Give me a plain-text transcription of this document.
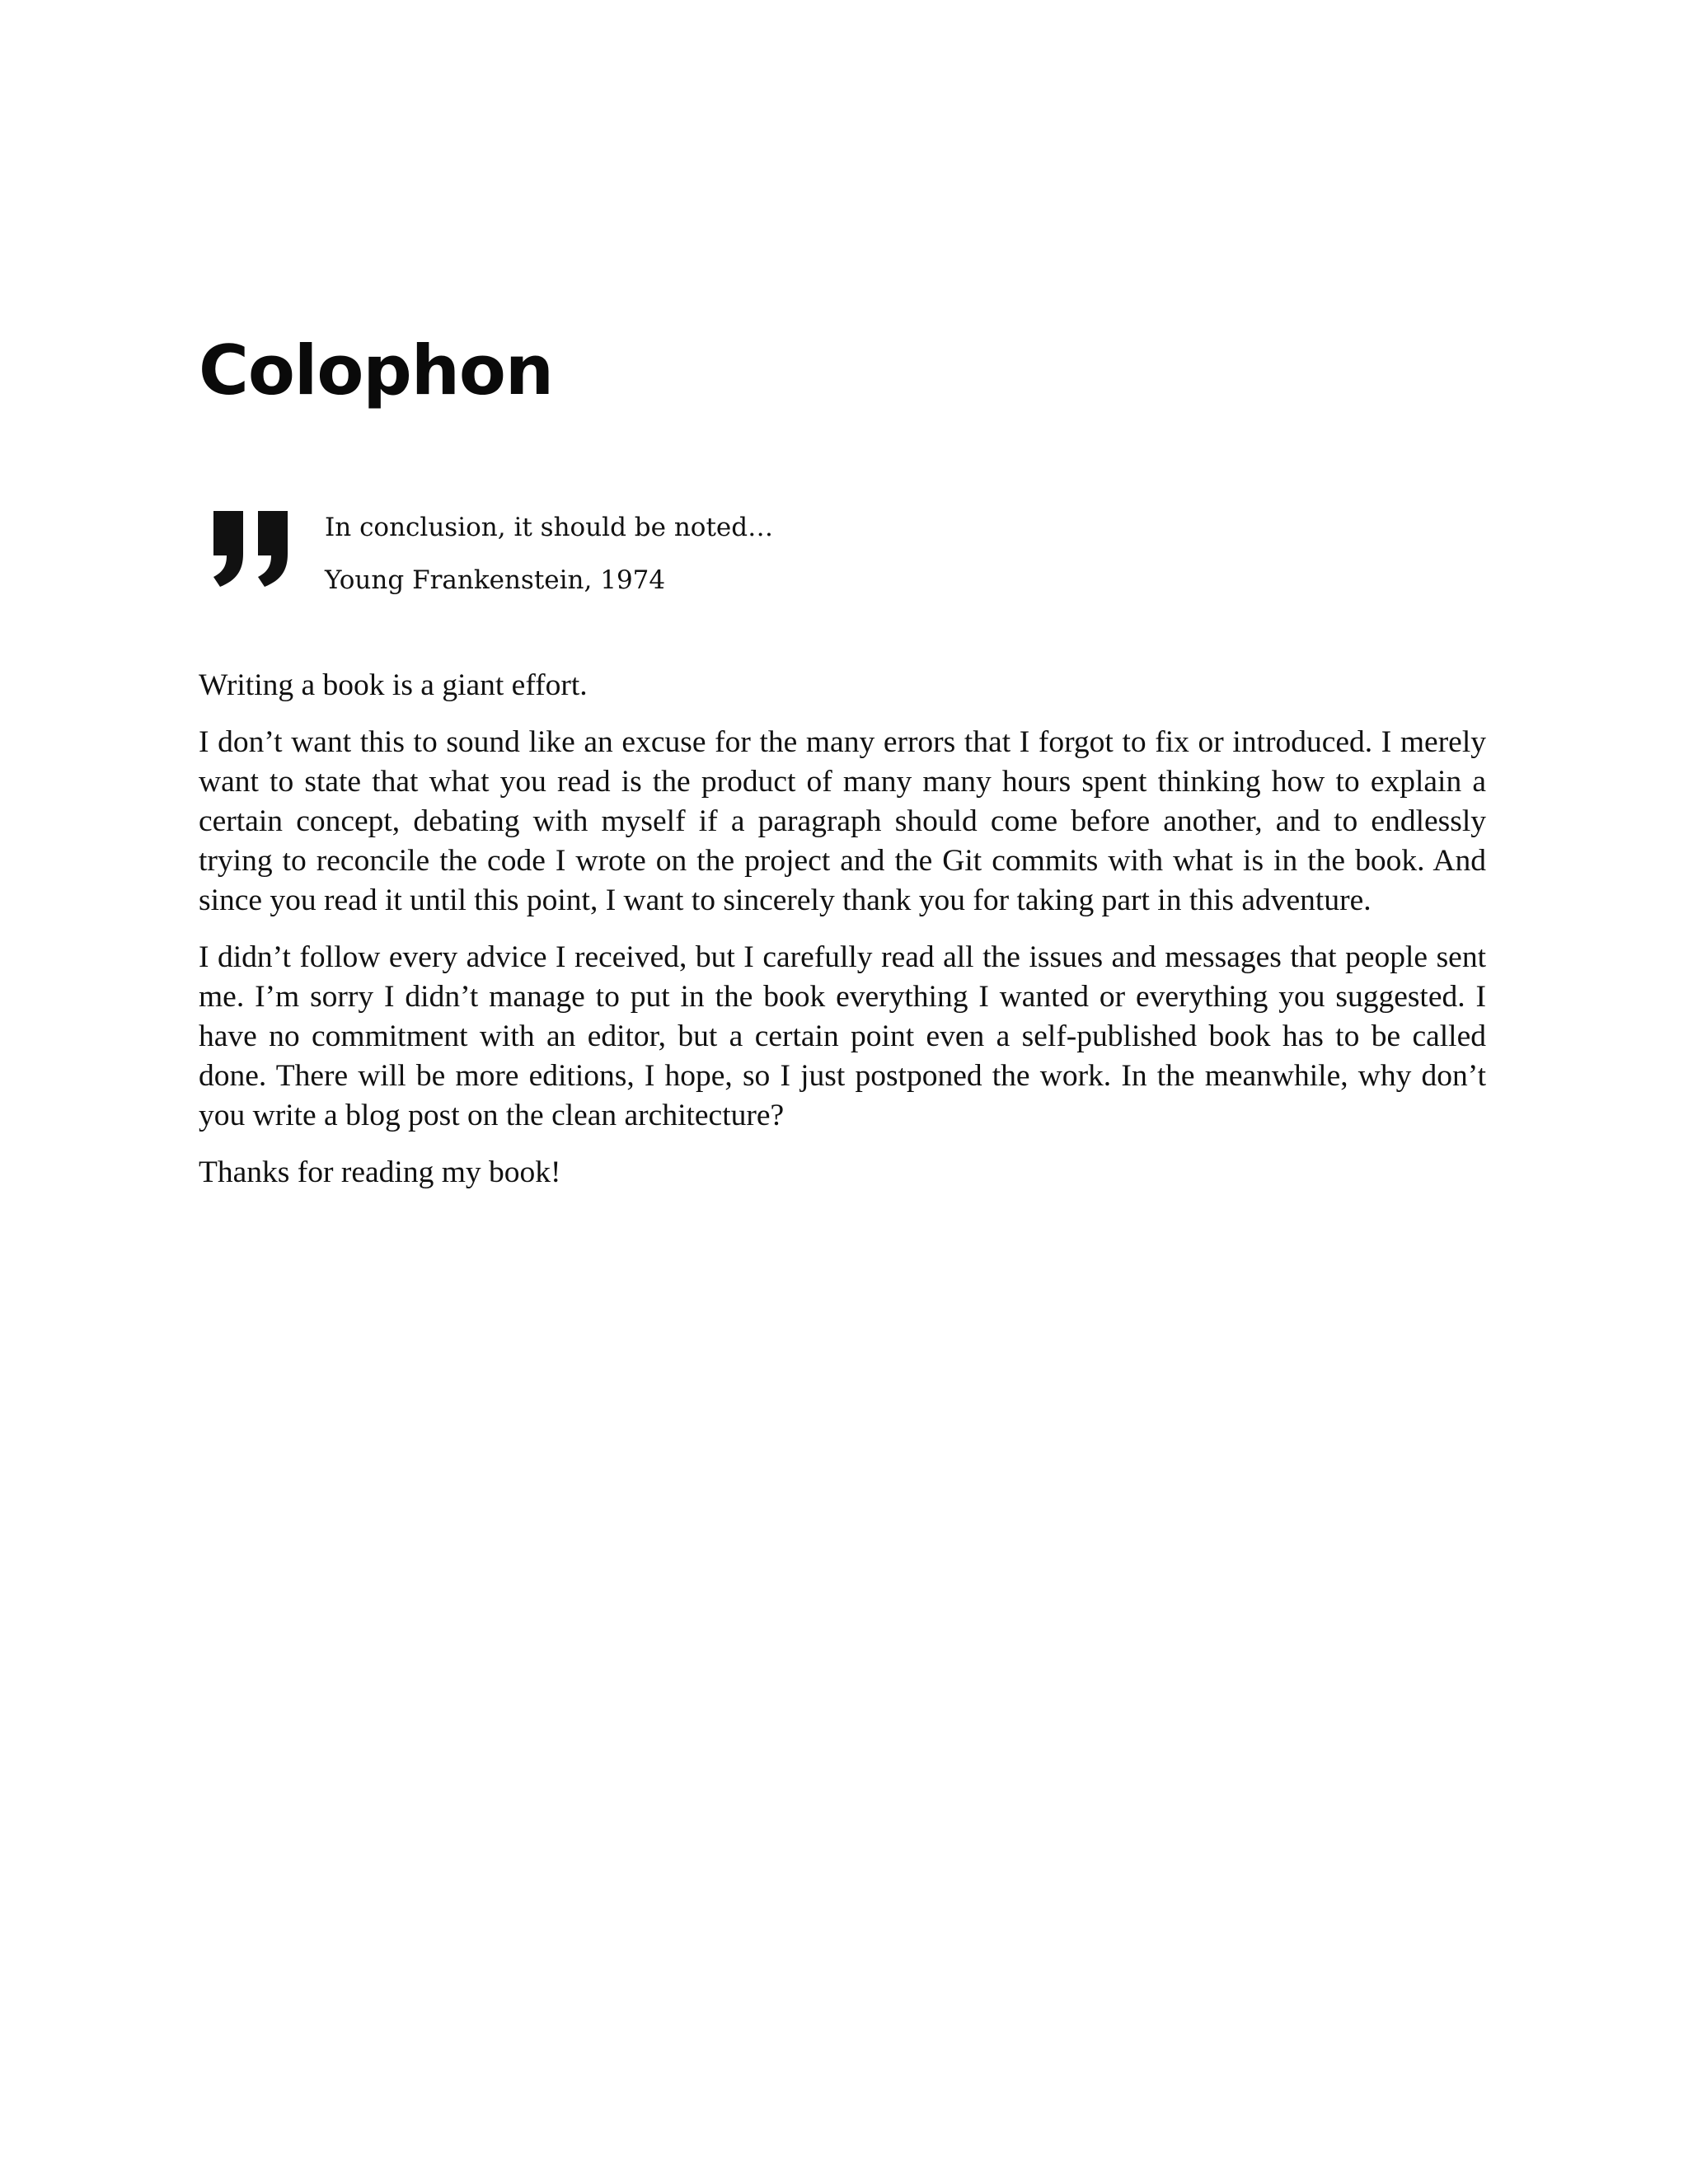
Colophon

In conclusion, it should be noted…

Young Frankenstein, 1974

Writing a book is a giant effort.

I don’t want this to sound like an excuse for the many errors that I forgot to fix or introduced. I merely want to state that what you read is the product of many many hours spent thinking how to explain a certain concept, debating with myself if a paragraph should come before another, and to endlessly trying to reconcile the code I wrote on the project and the Git commits with what is in the book. And since you read it until this point, I want to sincerely thank you for taking part in this adventure.

I didn’t follow every advice I received, but I carefully read all the issues and messages that people sent me. I’m sorry I didn’t manage to put in the book everything I wanted or everything you suggested. I have no commitment with an editor, but a certain point even a self-published book has to be called done. There will be more editions, I hope, so I just postponed the work. In the meanwhile, why don’t you write a blog post on the clean architecture?

Thanks for reading my book!
